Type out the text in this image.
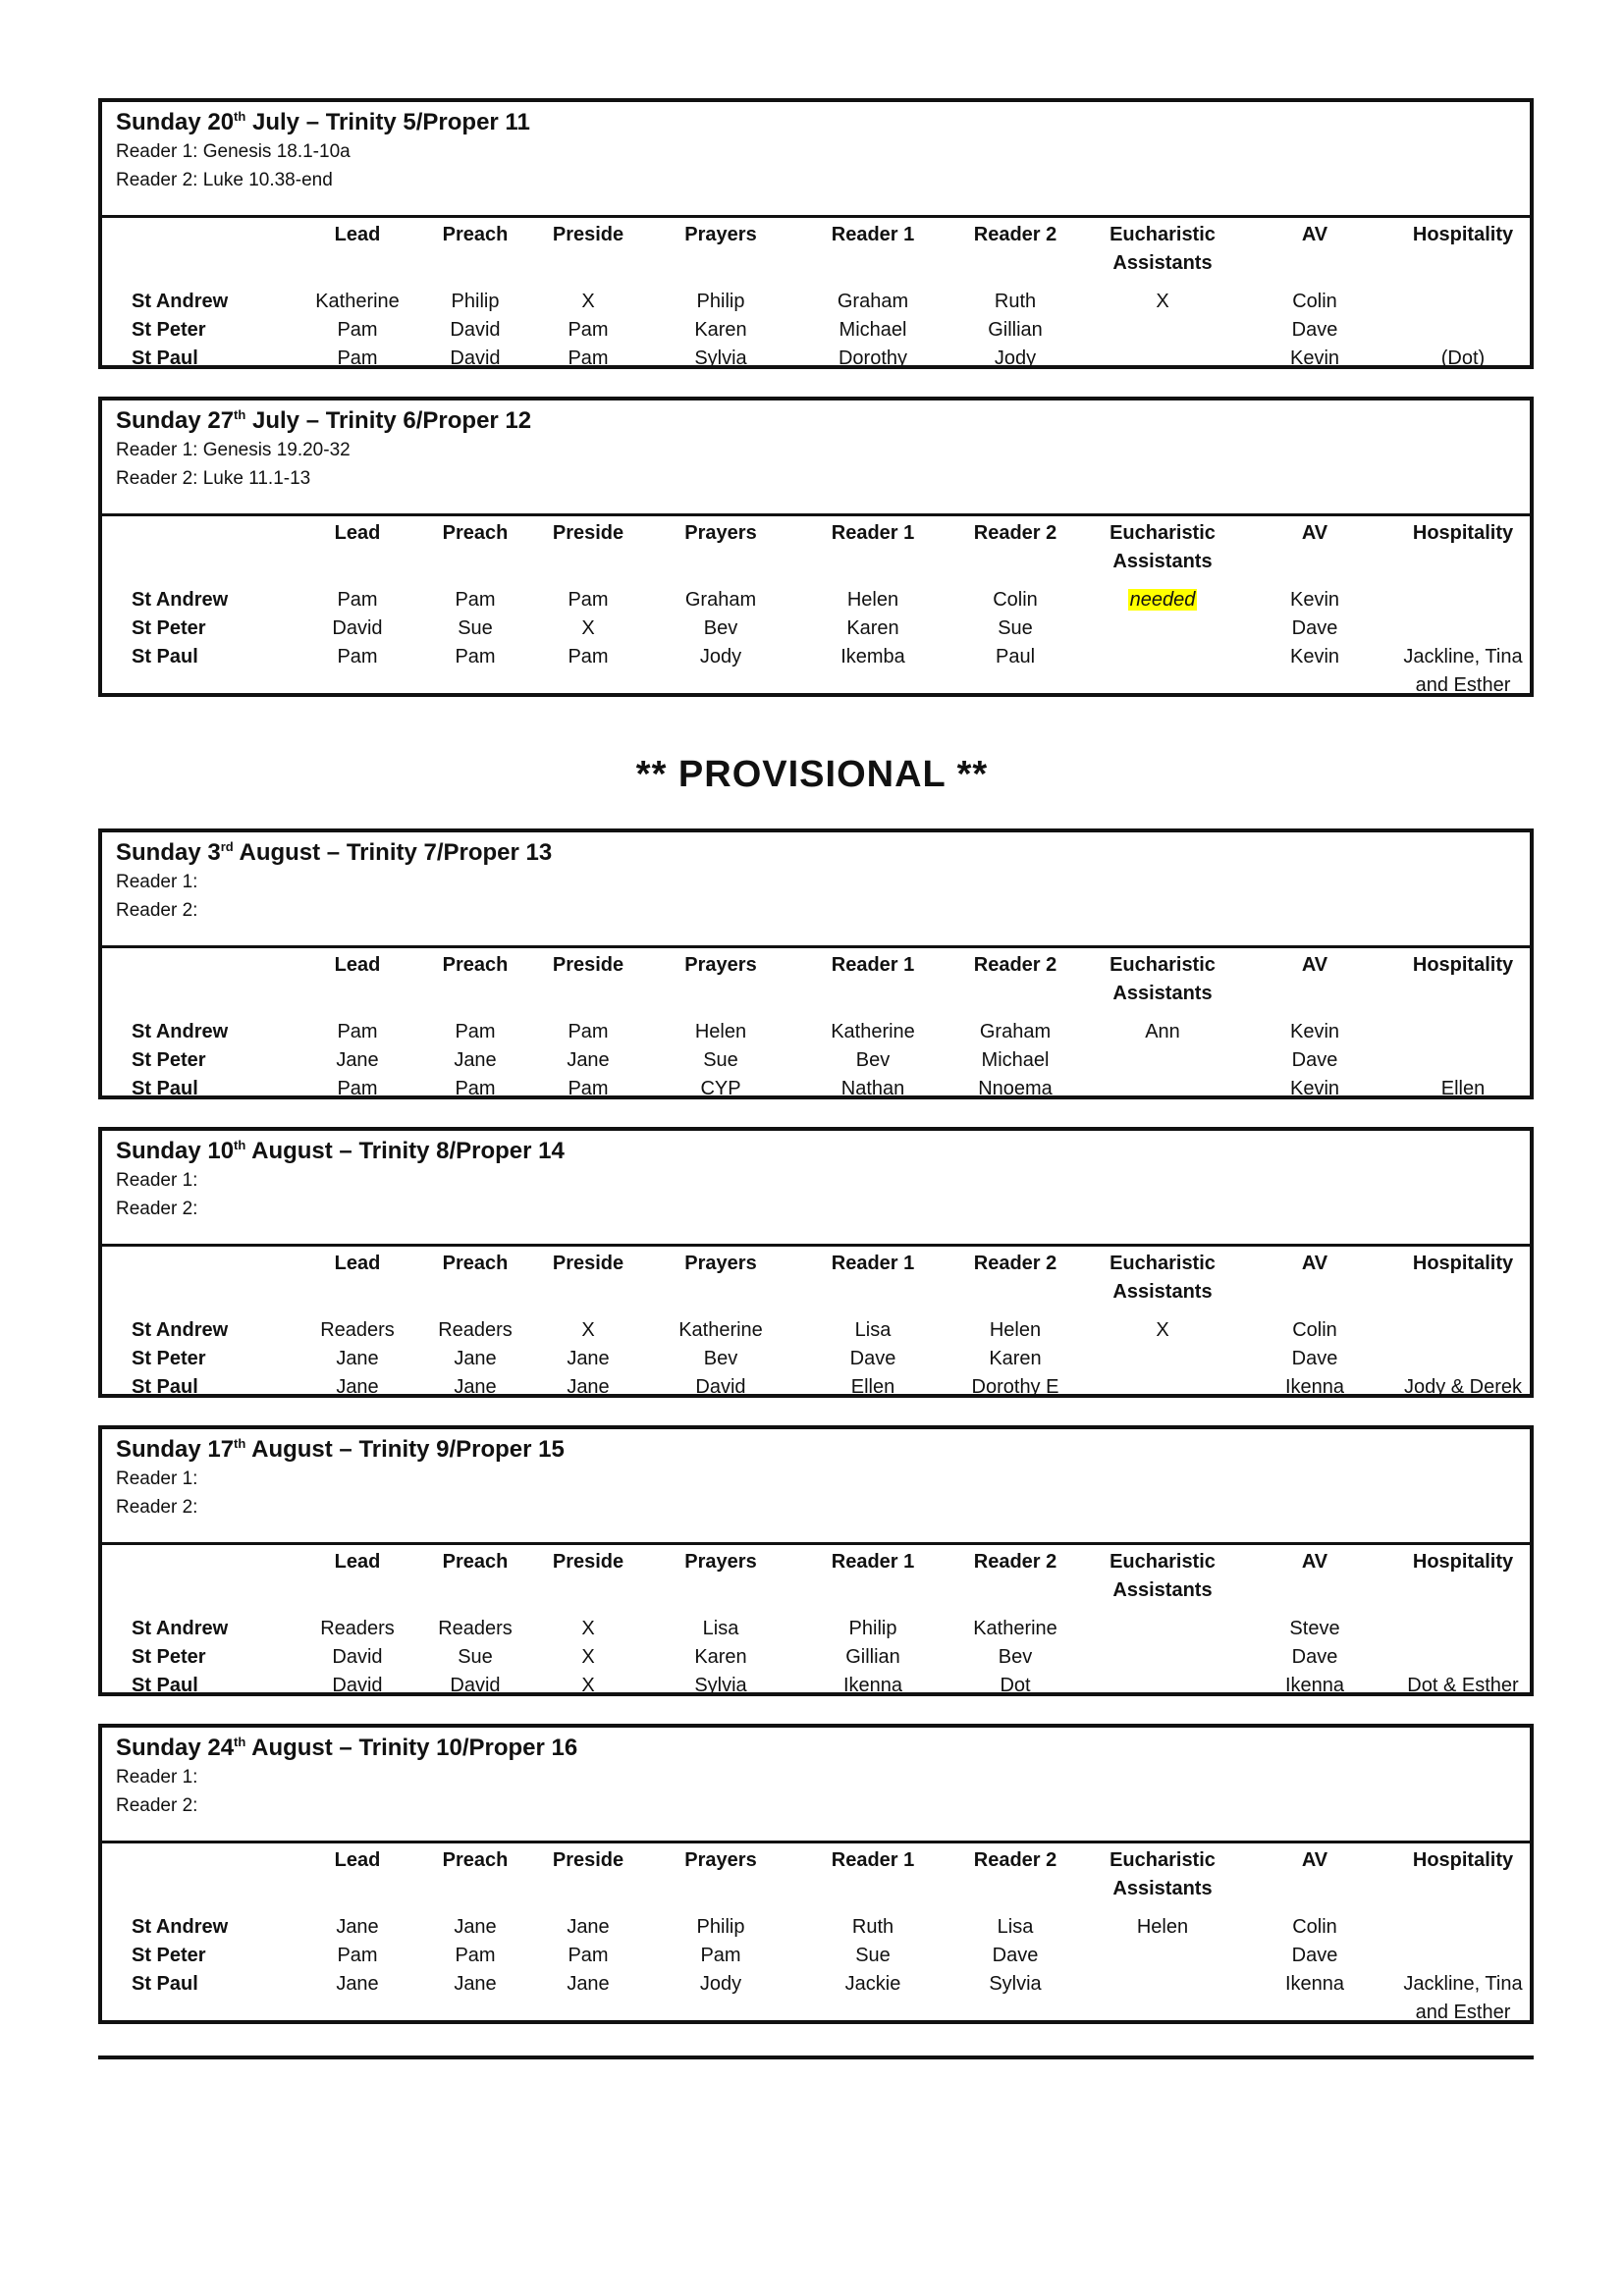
** PROVISIONAL **
Sunday 20th July – Trinity 5/Proper 11
Reader 1: Genesis 18.1-10a
Reader 2: Luke 10.38-end
	Lead	Preach	Preside	Prayers	Reader 1	Reader 2	Eucharistic Assistants	AV	Hospitality
St Andrew	Katherine	Philip	X	Philip	Graham	Ruth	X	Colin	
St Peter	Pam	David	Pam	Karen	Michael	Gillian		Dave	
St Paul	Pam	David	Pam	Sylvia	Dorothy	Jody		Kevin	(Dot)
Sunday 27th July – Trinity 6/Proper 12
Reader 1: Genesis 19.20-32
Reader 2: Luke 11.1-13
	Lead	Preach	Preside	Prayers	Reader 1	Reader 2	Eucharistic Assistants	AV	Hospitality
St Andrew	Pam	Pam	Pam	Graham	Helen	Colin	needed	Kevin	
St Peter	David	Sue	X	Bev	Karen	Sue		Dave	
St Paul	Pam	Pam	Pam	Jody	Ikemba	Paul		Kevin	Jackline, Tina and Esther
Sunday 3rd August – Trinity 7/Proper 13
Reader 1:
Reader 2:
	Lead	Preach	Preside	Prayers	Reader 1	Reader 2	Eucharistic Assistants	AV	Hospitality
St Andrew	Pam	Pam	Pam	Helen	Katherine	Graham	Ann	Kevin	
St Peter	Jane	Jane	Jane	Sue	Bev	Michael		Dave	
St Paul	Pam	Pam	Pam	CYP	Nathan	Nnoema		Kevin	Ellen
Sunday 10th August – Trinity 8/Proper 14
Reader 1:
Reader 2:
	Lead	Preach	Preside	Prayers	Reader 1	Reader 2	Eucharistic Assistants	AV	Hospitality
St Andrew	Readers	Readers	X	Katherine	Lisa	Helen	X	Colin	
St Peter	Jane	Jane	Jane	Bev	Dave	Karen		Dave	
St Paul	Jane	Jane	Jane	David	Ellen	Dorothy E		Ikenna	Jody & Derek
Sunday 17th August – Trinity 9/Proper 15
Reader 1:
Reader 2:
	Lead	Preach	Preside	Prayers	Reader 1	Reader 2	Eucharistic Assistants	AV	Hospitality
St Andrew	Readers	Readers	X	Lisa	Philip	Katherine		Steve	
St Peter	David	Sue	X	Karen	Gillian	Bev		Dave	
St Paul	David	David	X	Sylvia	Ikenna	Dot		Ikenna	Dot & Esther
Sunday 24th August – Trinity 10/Proper 16
Reader 1:
Reader 2:
	Lead	Preach	Preside	Prayers	Reader 1	Reader 2	Eucharistic Assistants	AV	Hospitality
St Andrew	Jane	Jane	Jane	Philip	Ruth	Lisa	Helen	Colin	
St Peter	Pam	Pam	Pam	Pam	Sue	Dave		Dave	
St Paul	Jane	Jane	Jane	Jody	Jackie	Sylvia		Ikenna	Jackline, Tina and Esther
